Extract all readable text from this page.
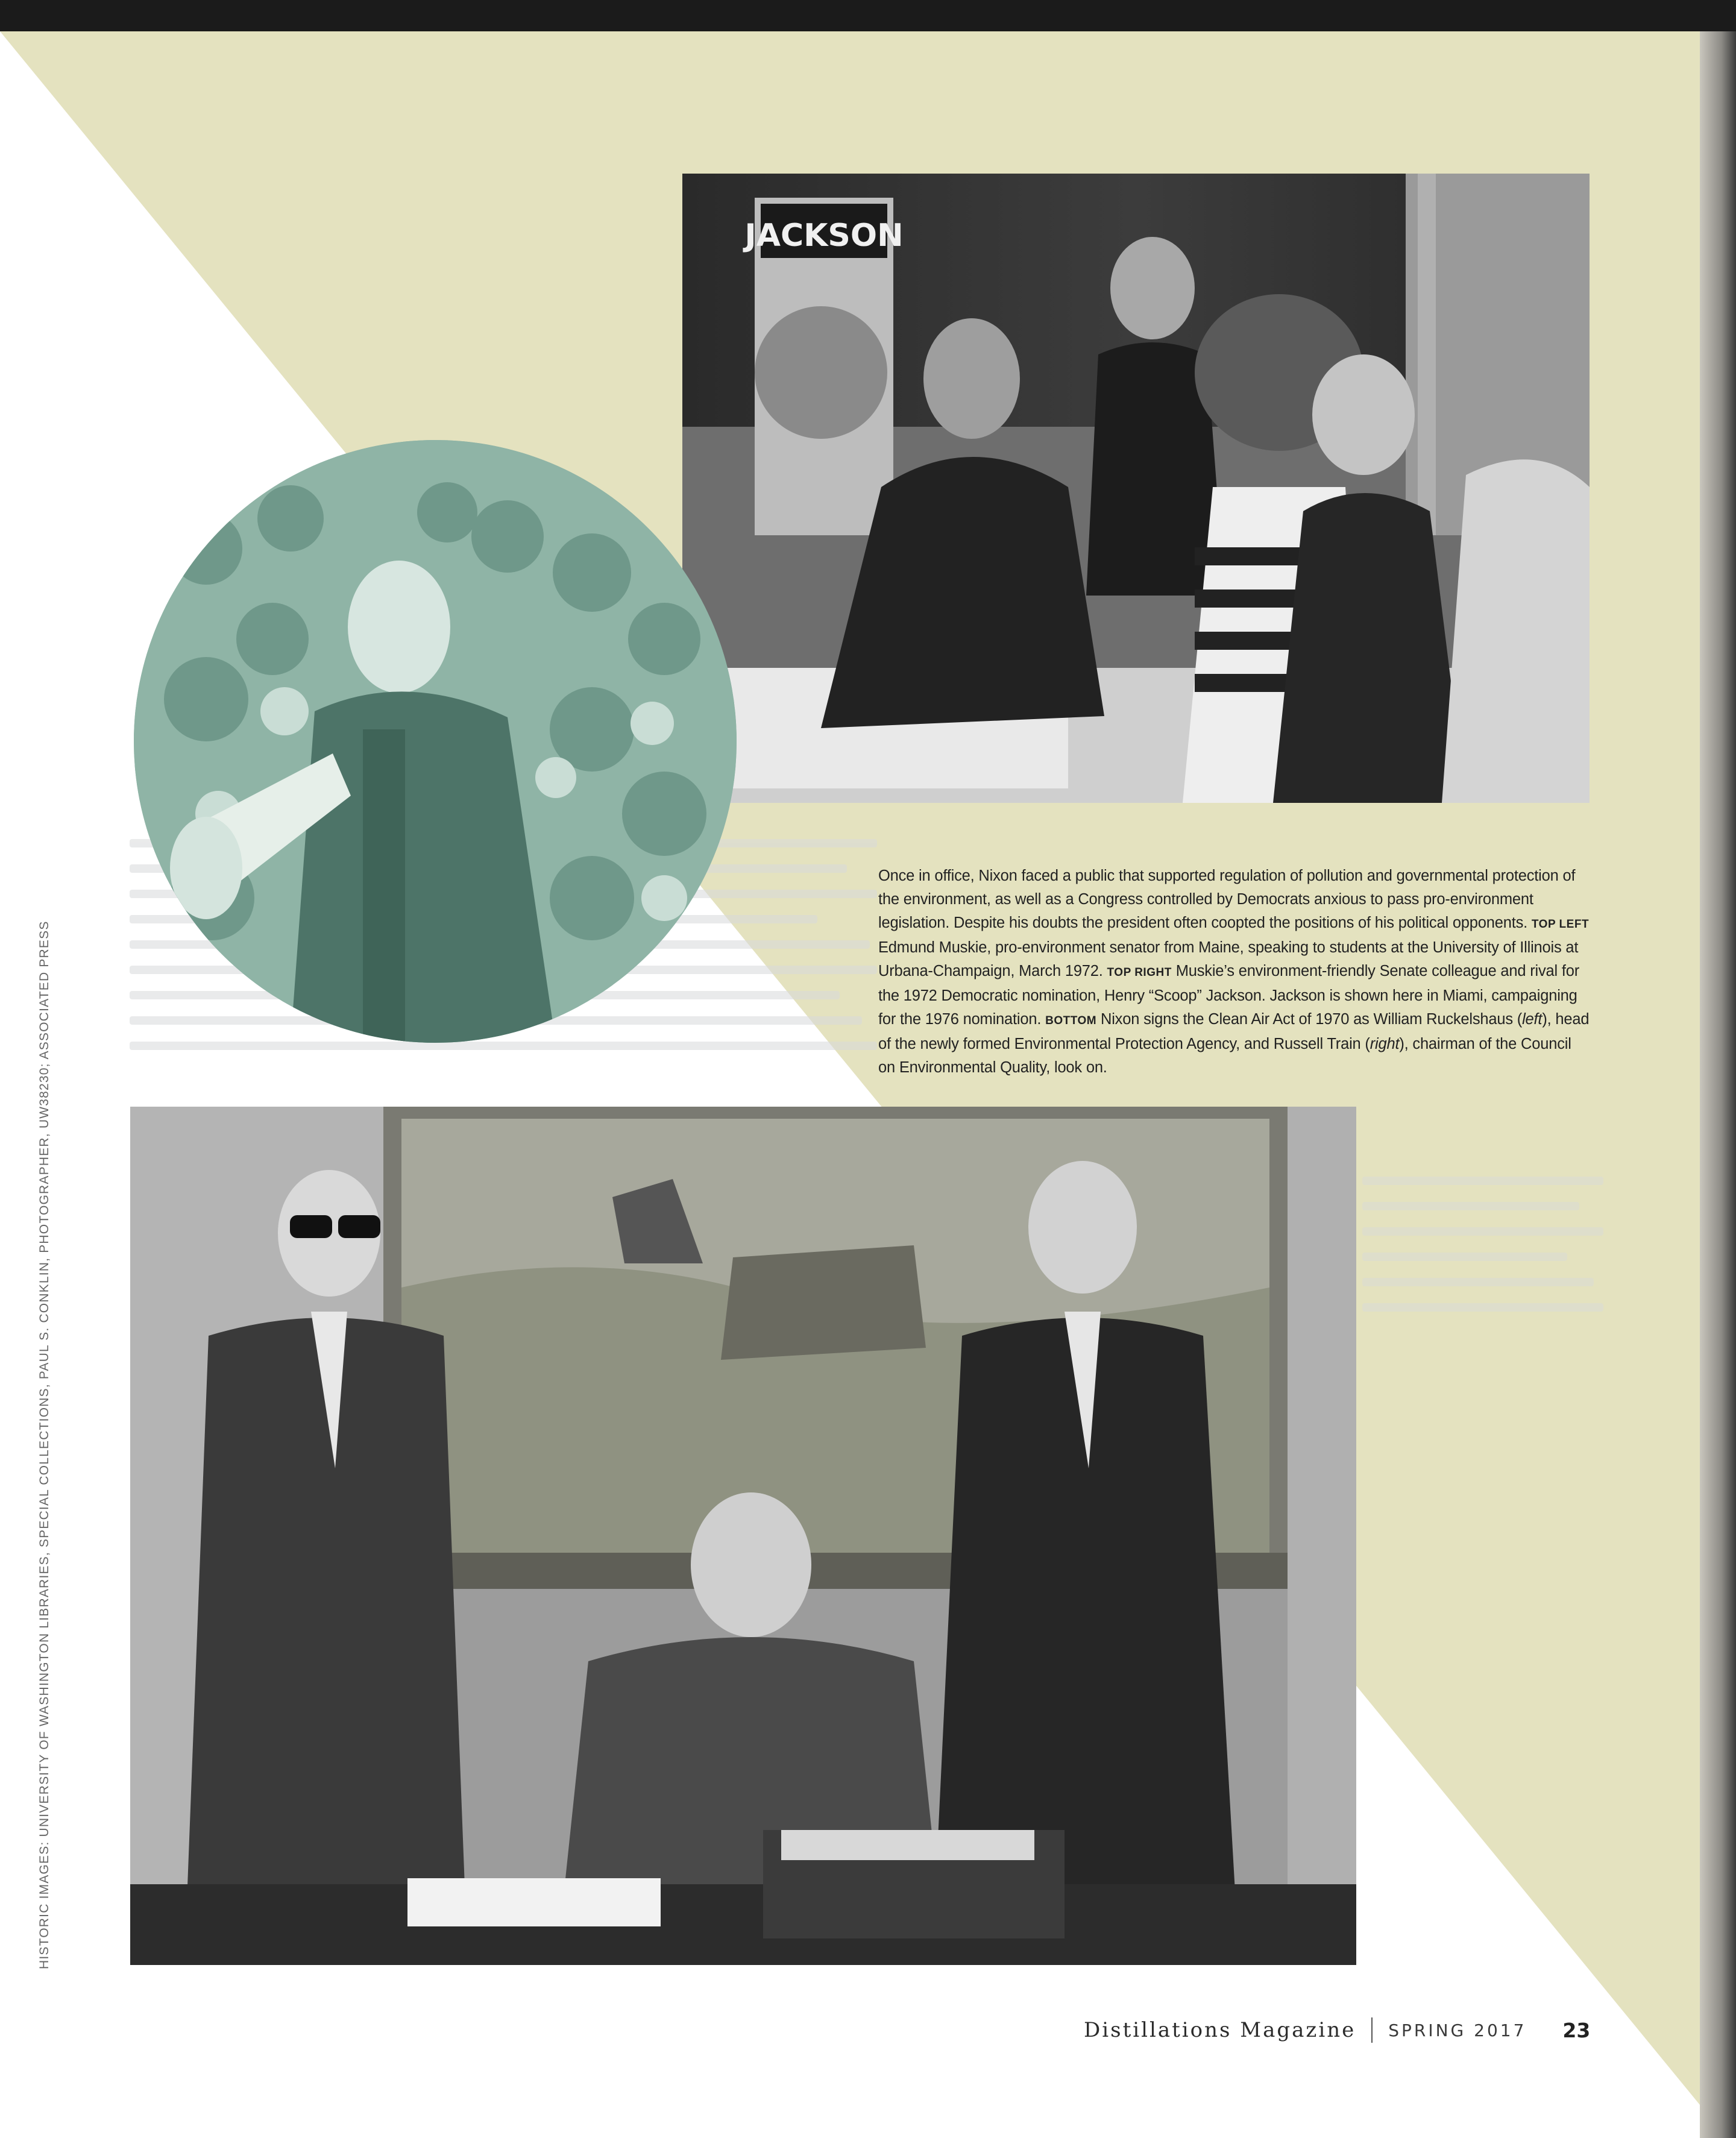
JACKSON
Once in office, Nixon faced a public that supported regulation of pollution and governmental protection of the environment, as well as a Congress controlled by Democrats anxious to pass pro-environment legislation. Despite his doubts the president often coopted the positions of his political opponents. TOP LEFT Edmund Muskie, pro-environment senator from Maine, speaking to students at the University of Illinois at Urbana-Champaign, March 1972. TOP RIGHT Muskie’s environment-friendly Senate colleague and rival for the 1972 Democratic nomination, Henry “Scoop” Jackson. Jackson is shown here in Miami, campaigning for the 1976 nomination. BOTTOM Nixon signs the Clean Air Act of 1970 as William Ruckelshaus (left), head of the newly formed Environmental Protection Agency, and Russell Train (right), chairman of the Council on Environmental Quality, look on.
HISTORIC IMAGES: UNIVERSITY OF WASHINGTON LIBRARIES, SPECIAL COLLECTIONS, PAUL S. CONKLIN, PHOTOGRAPHER, UW38230; ASSOCIATED PRESS
Distillations Magazine SPRING 2017 23
